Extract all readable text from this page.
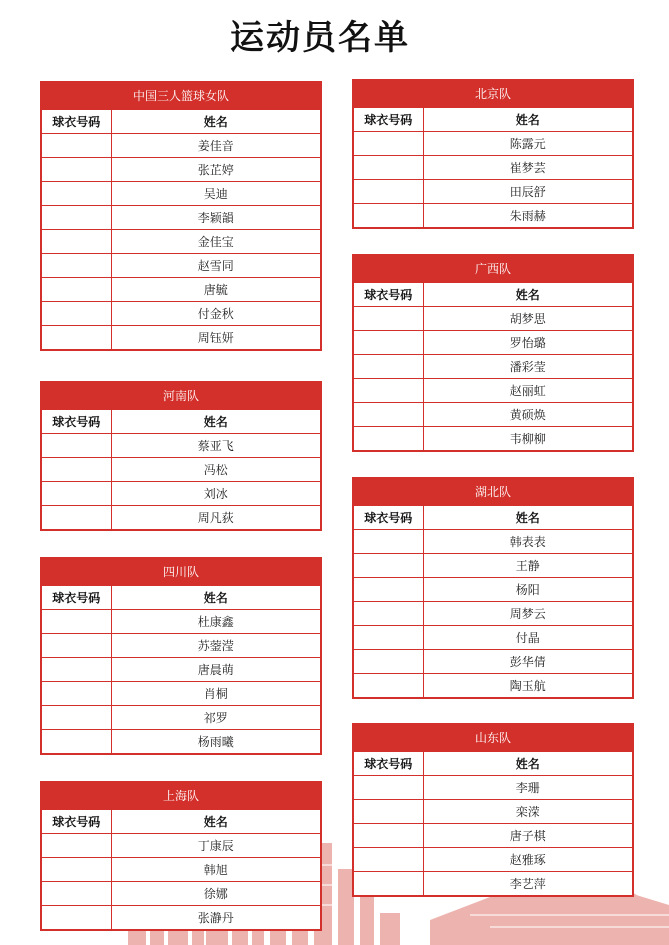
运动员名单
中国三人篮球女队	
球衣号码	姓名
	姜佳音
	张芷婷
	吴迪
	李颖韻
	金佳宝
	赵雪同
	唐毓
	付金秋
	周钰妍
河南队	
球衣号码	姓名
	蔡亚飞
	冯松
	刘冰
	周凡荻
四川队	
球衣号码	姓名
	杜康鑫
	苏蓥滢
	唐晨萌
	肖桐
	祁罗
	杨雨曦
上海队	
球衣号码	姓名
	丁康辰
	韩旭
	徐娜
	张瀞丹
北京队	
球衣号码	姓名
	陈露元
	崔梦芸
	田辰舒
	朱雨赫
广西队	
球衣号码	姓名
	胡梦思
	罗怡璐
	潘彩莹
	赵丽虹
	黄硕焕
	韦柳柳
湖北队	
球衣号码	姓名
	韩表表
	王静
	杨阳
	周梦云
	付晶
	彭华倩
	陶玉航
山东队	
球衣号码	姓名
	李珊
	栾溁
	唐子棋
	赵雅琢
	李艺萍
